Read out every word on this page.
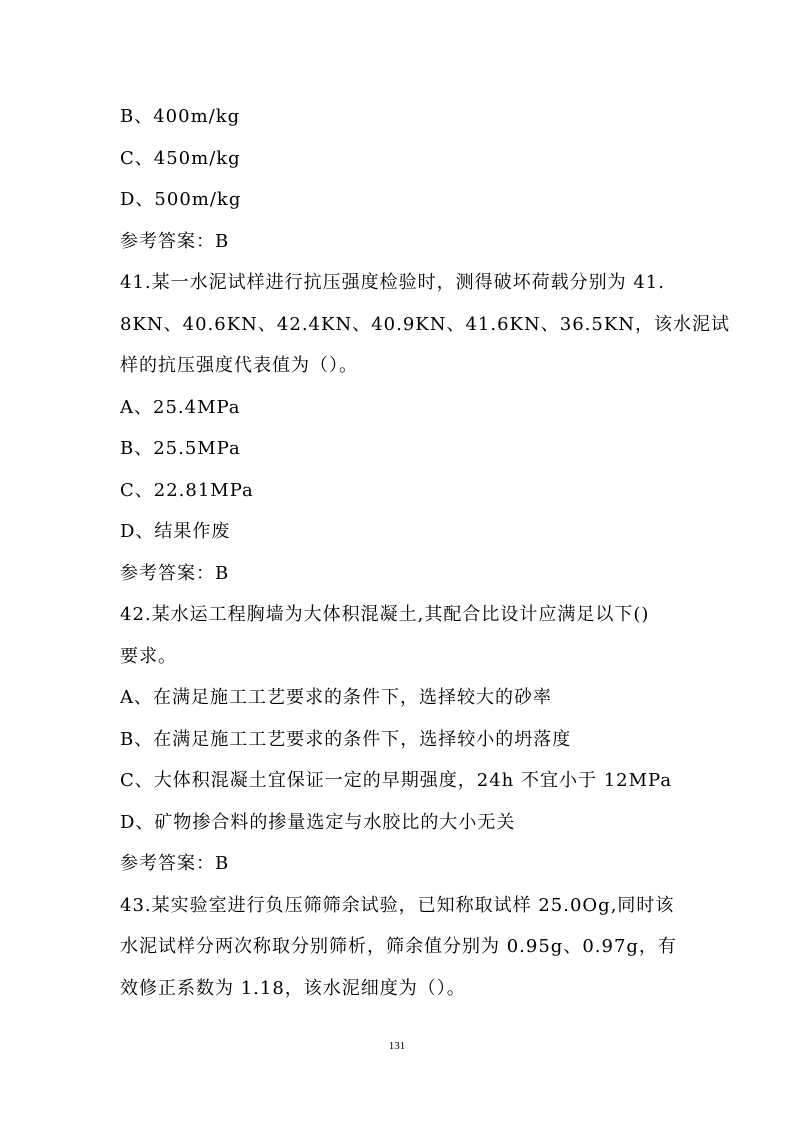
B、400m/kg
C、450m/kg
D、500m/kg
参考答案：B
41.某一水泥试样进行抗压强度检验时，测得破坏荷载分别为 41.
8KN、40.6KN、42.4KN、40.9KN、41.6KN、36.5KN，该水泥试
样的抗压强度代表值为（）。
A、25.4MPa
B、25.5MPa
C、22.81MPa
D、结果作废
参考答案：B
42.某水运工程胸墙为大体积混凝土,其配合比设计应满足以下()
要求。
A、在满足施工工艺要求的条件下，选择较大的砂率
B、在满足施工工艺要求的条件下，选择较小的坍落度
C、大体积混凝土宜保证一定的早期强度，24h 不宜小于 12MPa
D、矿物掺合料的掺量选定与水胶比的大小无关
参考答案：B
43.某实验室进行负压筛筛余试验，已知称取试样 25.0Og,同时该
水泥试样分两次称取分别筛析，筛余值分别为 0.95g、0.97g，有
效修正系数为 1.18，该水泥细度为（）。
131
